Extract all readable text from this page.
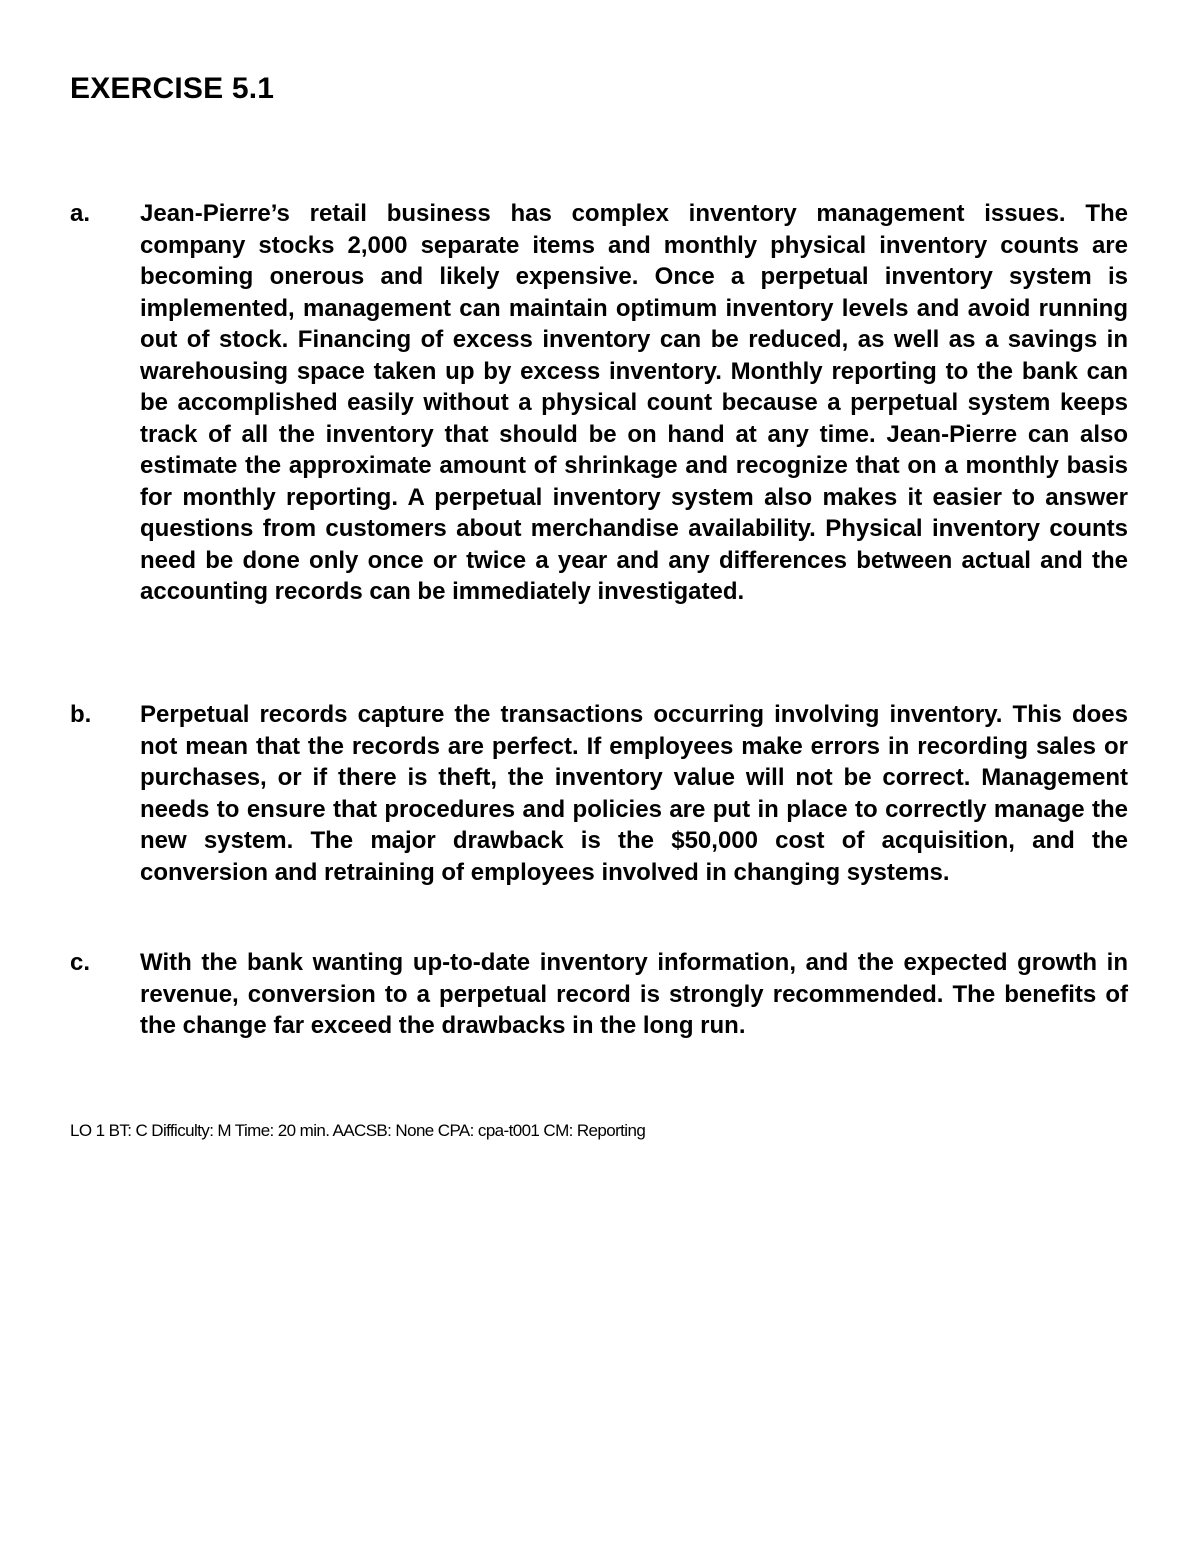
EXERCISE 5.1
a. Jean-Pierre’s retail business has complex inventory management issues. The company stocks 2,000 separate items and monthly physical inventory counts are becoming onerous and likely expensive. Once a perpetual inventory system is implemented, management can maintain optimum inventory levels and avoid running out of stock. Financing of excess inventory can be reduced, as well as a savings in warehousing space taken up by excess inventory. Monthly reporting to the bank can be accomplished easily without a physical count because a perpetual system keeps track of all the inventory that should be on hand at any time. Jean-Pierre can also estimate the approximate amount of shrinkage and recognize that on a monthly basis for monthly reporting. A perpetual inventory system also makes it easier to answer questions from customers about merchandise availability. Physical inventory counts need be done only once or twice a year and any differences between actual and the accounting records can be immediately investigated.

b. Perpetual records capture the transactions occurring involving inventory. This does not mean that the records are perfect. If employees make errors in recording sales or purchases, or if there is theft, the inventory value will not be correct. Management needs to ensure that procedures and policies are put in place to correctly manage the new system. The major drawback is the $50,000 cost of acquisition, and the conversion and retraining of employees involved in changing systems.

c. With the bank wanting up-to-date inventory information, and the expected growth in revenue, conversion to a perpetual record is strongly recommended. The benefits of the change far exceed the drawbacks in the long run.

LO 1 BT: C Difficulty: M Time: 20 min. AACSB: None CPA: cpa-t001 CM: Reporting
